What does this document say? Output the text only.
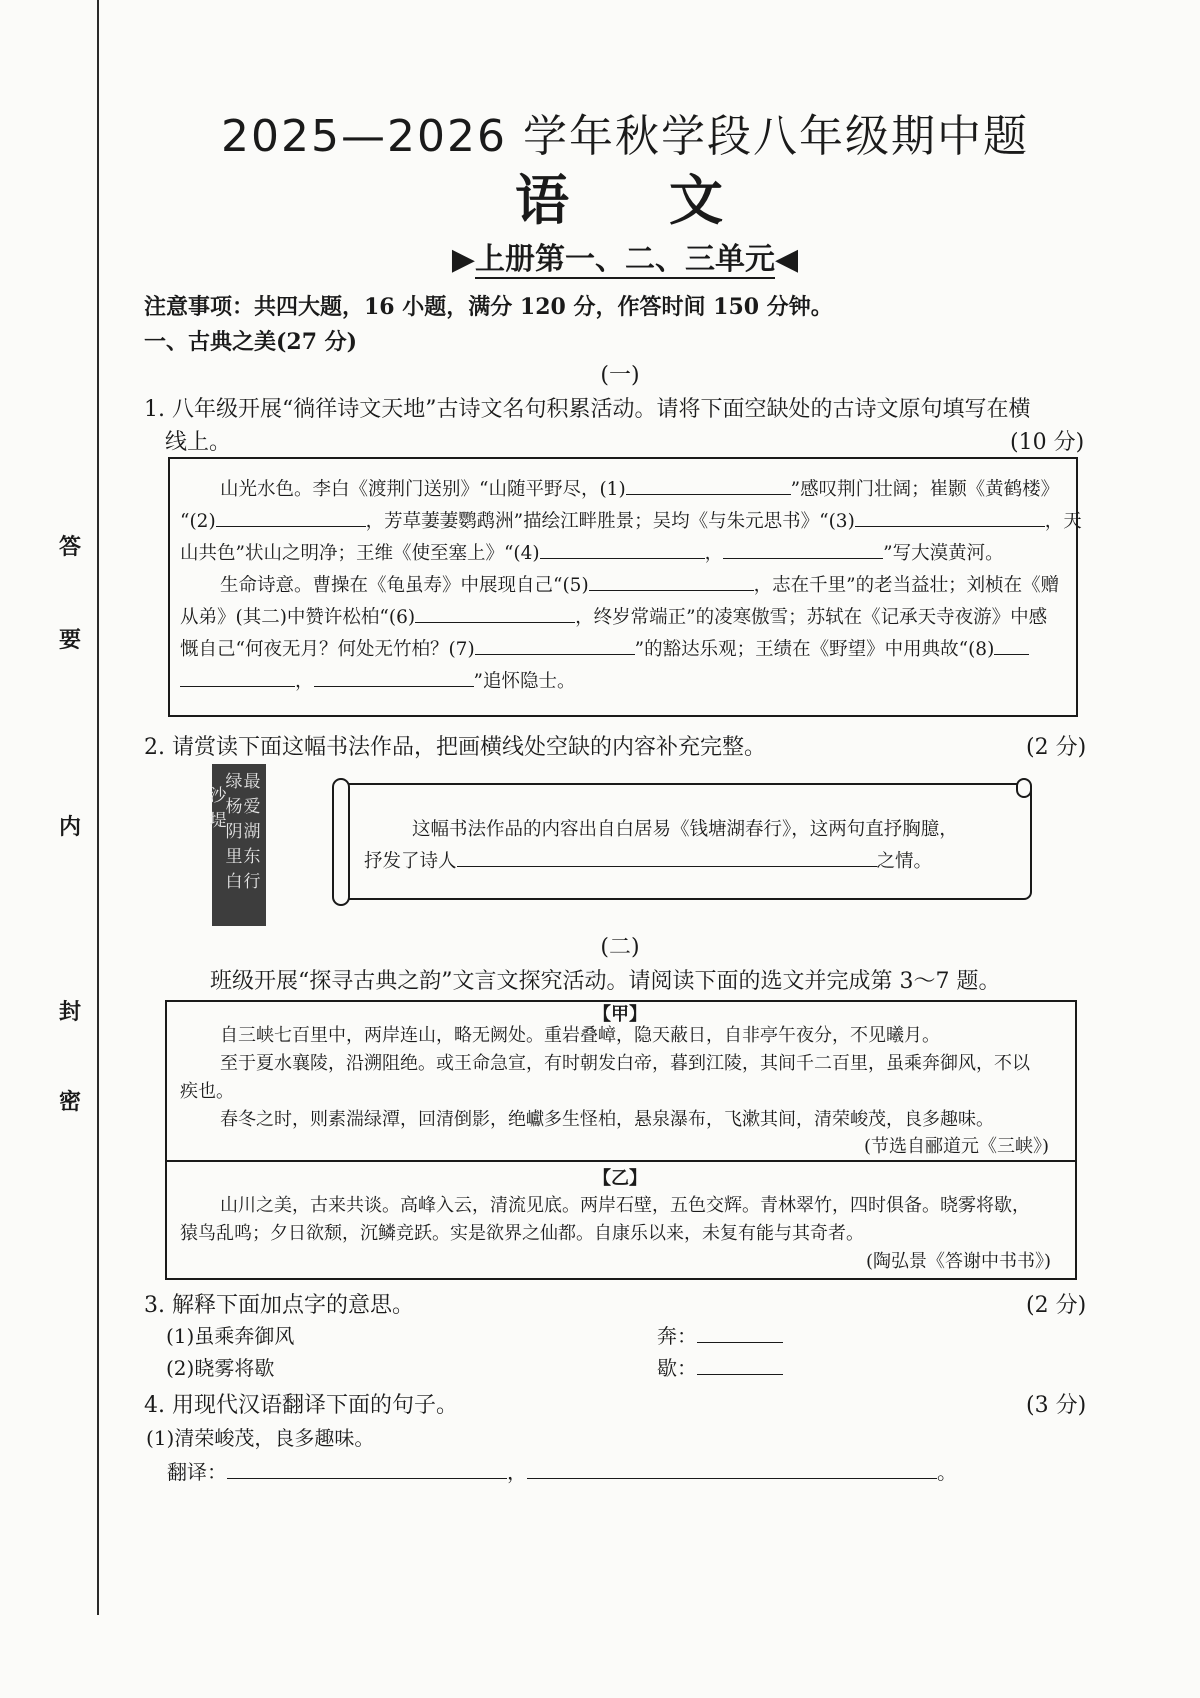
答
要
内
封
密
2025—2026 学年秋学段八年级期中题
语 文
▶上册第一、二、三单元◀
注意事项：共四大题，16 小题，满分 120 分，作答时间 150 分钟。
一、古典之美(27 分)
(一)
1. 八年级开展“徜徉诗文天地”古诗文名句积累活动。请将下面空缺处的古诗文原句填写在横
线上。	(10 分)
山光水色。李白《渡荆门送别》“山随平野尽，(1)	”感叹荆门壮阔；崔颢《黄鹤楼》
“(2)	，芳草萋萋鹦鹉洲”描绘江畔胜景；吴均《与朱元思书》“(3)	，天
山共色”状山之明净；王维《使至塞上》“(4)	，	”写大漠黄河。
生命诗意。曹操在《龟虽寿》中展现自己“(5)	，志在千里”的老当益壮；刘桢在《赠
从弟》(其二)中赞许松柏“(6)	，终岁常端正”的凌寒傲雪；苏轼在《记承天寺夜游》中感
慨自己“何夜无月？何处无竹柏？(7)	”的豁达乐观；王绩在《野望》中用典故“(8)
，	”追怀隐士。
2. 请赏读下面这幅书法作品，把画横线处空缺的内容补充完整。	(2 分)
最爱湖东行
绿杨阴里白
沙堤	这幅书法作品的内容出自白居易《钱塘湖春行》，这两句直抒胸臆，
抒发了诗人	之情。
(二)
班级开展“探寻古典之韵”文言文探究活动。请阅读下面的选文并完成第 3～7 题。
【甲】
自三峡七百里中，两岸连山，略无阙处。重岩叠嶂，隐天蔽日，自非亭午夜分，不见曦月。
至于夏水襄陵，沿溯阻绝。或王命急宣，有时朝发白帝，暮到江陵，其间千二百里，虽乘奔御风，不以
疾也。
春冬之时，则素湍绿潭，回清倒影，绝巘多生怪柏，悬泉瀑布，飞漱其间，清荣峻茂，良多趣味。
(节选自郦道元《三峡》)
【乙】
山川之美，古来共谈。高峰入云，清流见底。两岸石壁，五色交辉。青林翠竹，四时俱备。晓雾将歇，
猿鸟乱鸣；夕日欲颓，沉鳞竞跃。实是欲界之仙都。自康乐以来，未复有能与其奇者。
(陶弘景《答谢中书书》)
3. 解释下面加点字的意思。	(2 分)
(1)虽乘奔御风	奔：
(2)晓雾将歇	歇：
4. 用现代汉语翻译下面的句子。	(3 分)
(1)清荣峻茂，良多趣味。
翻译：	，	。
